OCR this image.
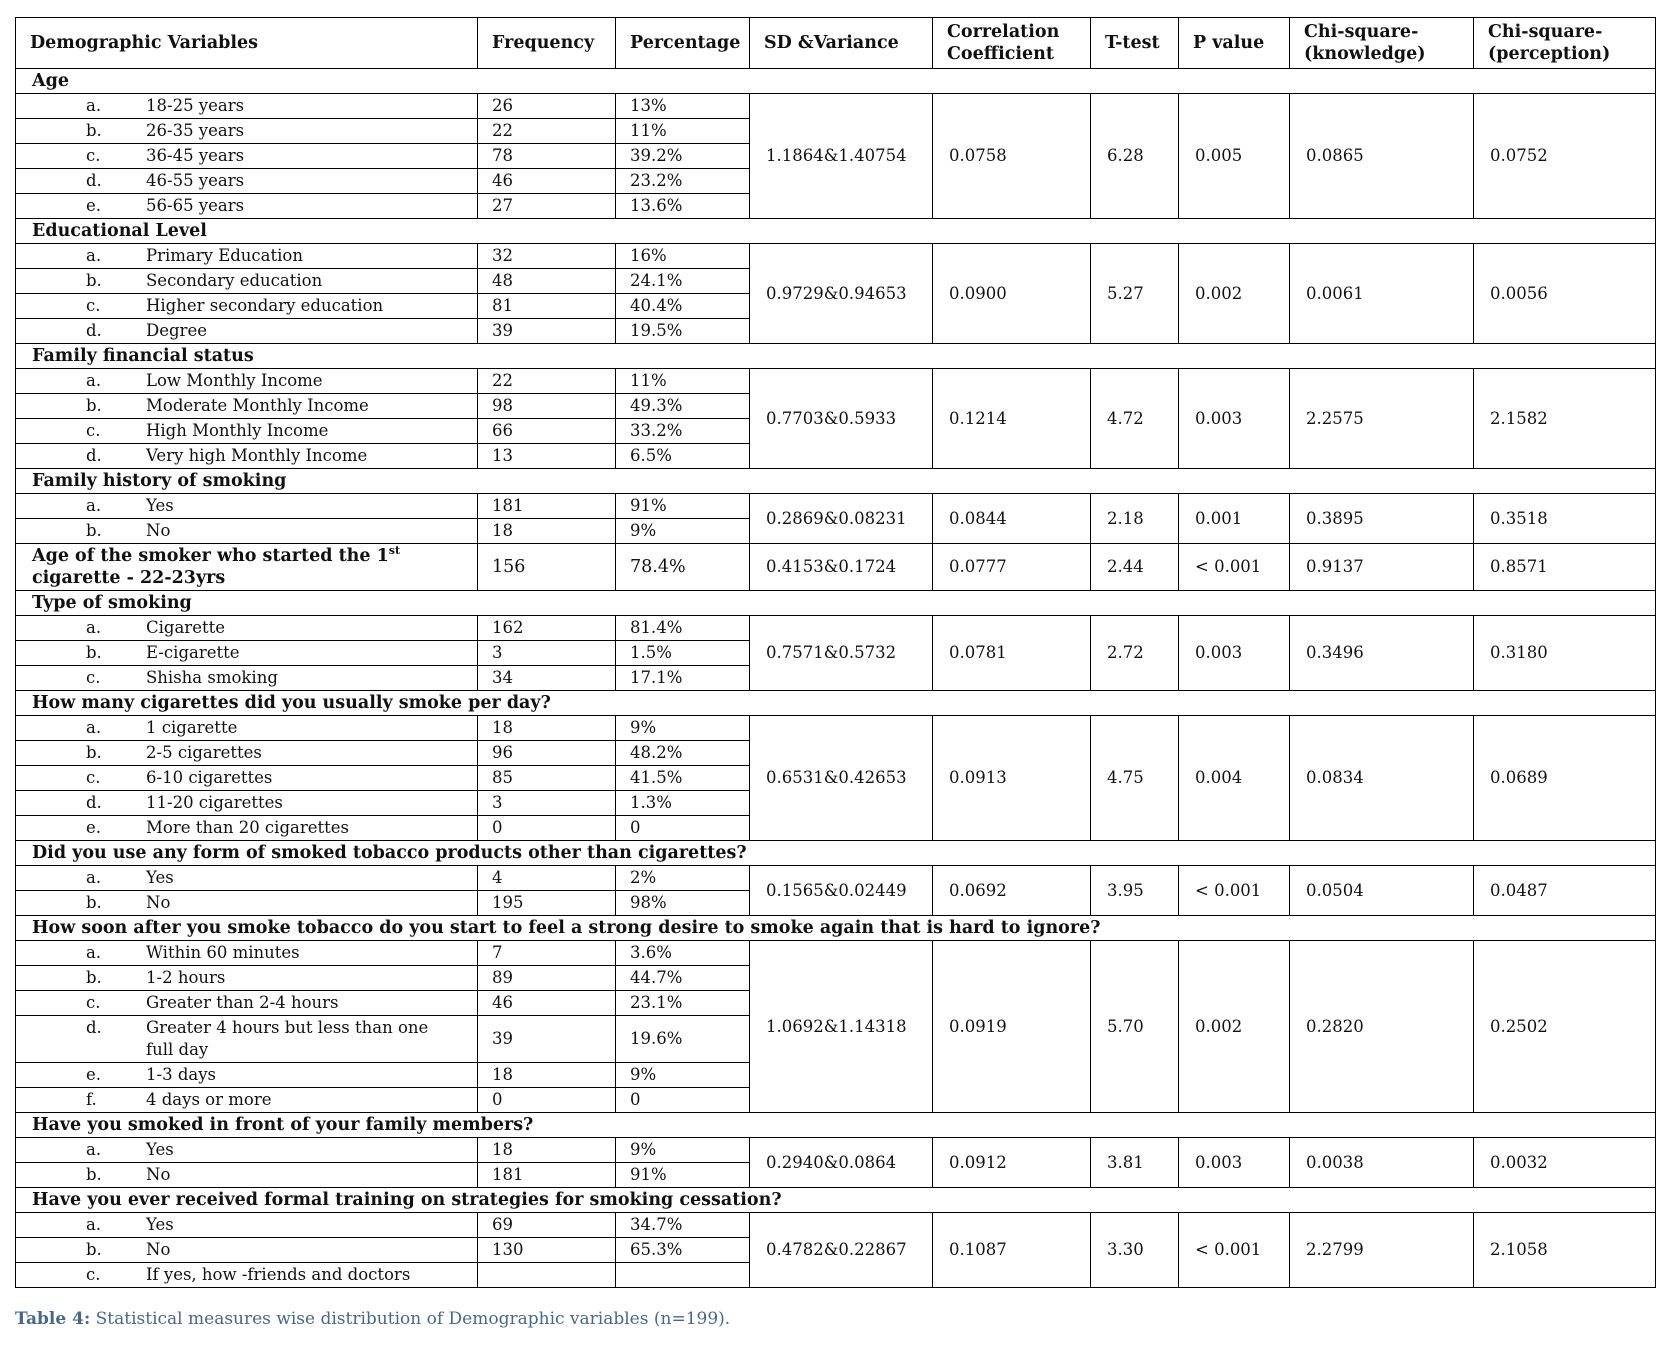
Demographic Variables	Frequency	Percentage	SD &Variance	Correlation Coefficient	T-test	P value	Chi-square-(knowledge)	Chi-square-(perception)
Age								
a. 18-25 years	26	13%	1.1864&1.40754	0.0758	6.28	0.005	0.0865	0.0752
b. 26-35 years	22	11%						
c. 36-45 years	78	39.2%						
d. 46-55 years	46	23.2%						
e. 56-65 years	27	13.6%						
Educational Level								
a. Primary Education	32	16%	0.9729&0.94653	0.0900	5.27	0.002	0.0061	0.0056
b. Secondary education	48	24.1%						
c. Higher secondary education	81	40.4%						
d. Degree	39	19.5%						
Family financial status								
a. Low Monthly Income	22	11%	0.7703&0.5933	0.1214	4.72	0.003	2.2575	2.1582
b. Moderate Monthly Income	98	49.3%						
c. High Monthly Income	66	33.2%						
d. Very high Monthly Income	13	6.5%						
Family history of smoking								
a. Yes	181	91%	0.2869&0.08231	0.0844	2.18	0.001	0.3895	0.3518
b. No	18	9%						
Age of the smoker who started the 1st cigarette - 22-23yrs	156	78.4%	0.4153&0.1724	0.0777	2.44	< 0.001	0.9137	0.8571
Type of smoking								
a. Cigarette	162	81.4%	0.7571&0.5732	0.0781	2.72	0.003	0.3496	0.3180
b. E-cigarette	3	1.5%						
c. Shisha smoking	34	17.1%						
How many cigarettes did you usually smoke per day?								
a. 1 cigarette	18	9%	0.6531&0.42653	0.0913	4.75	0.004	0.0834	0.0689
b. 2-5 cigarettes	96	48.2%						
c. 6-10 cigarettes	85	41.5%						
d. 11-20 cigarettes	3	1.3%						
e. More than 20 cigarettes	0	0						
Did you use any form of smoked tobacco products other than cigarettes?								
a. Yes	4	2%	0.1565&0.02449	0.0692	3.95	< 0.001	0.0504	0.0487
b. No	195	98%						
How soon after you smoke tobacco do you start to feel a strong desire to smoke again that is hard to ignore?								
a. Within 60 minutes	7	3.6%	1.0692&1.14318	0.0919	5.70	0.002	0.2820	0.2502
b. 1-2 hours	89	44.7%						
c. Greater than 2-4 hours	46	23.1%						
d. Greater 4 hours but less than one full day	39	19.6%						
e. 1-3 days	18	9%						
f. 4 days or more	0	0						
Have you smoked in front of your family members?								
a. Yes	18	9%	0.2940&0.0864	0.0912	3.81	0.003	0.0038	0.0032
b. No	181	91%						
Have you ever received formal training on strategies for smoking cessation?								
a. Yes	69	34.7%	0.4782&0.22867	0.1087	3.30	< 0.001	2.2799	2.1058
b. No	130	65.3%						
c. If yes, how -friends and doctors								
Table 4: Statistical measures wise distribution of Demographic variables (n=199).
